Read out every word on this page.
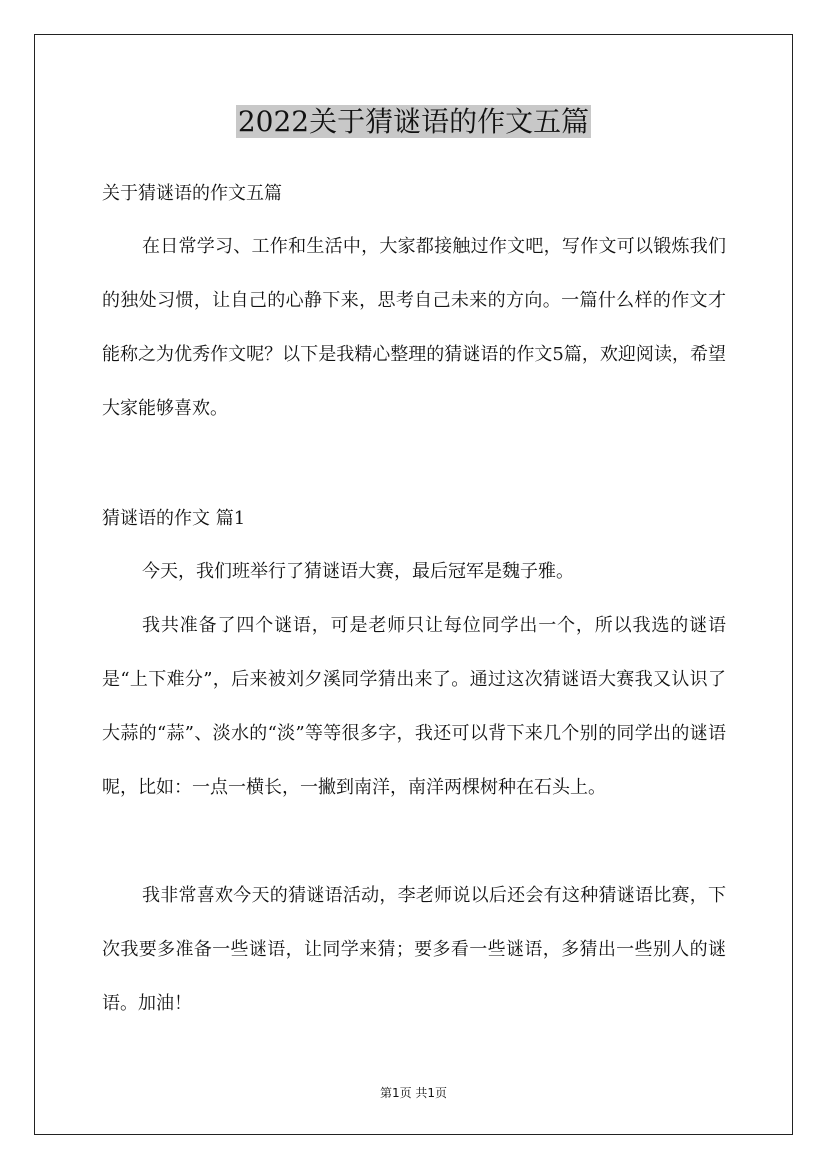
2022关于猜谜语的作文五篇
关于猜谜语的作文五篇
在日常学习、工作和生活中，大家都接触过作文吧，写作文可以锻炼我们的独处习惯，让自己的心静下来，思考自己未来的方向。一篇什么样的作文才能称之为优秀作文呢？以下是我精心整理的猜谜语的作文5篇，欢迎阅读，希望大家能够喜欢。
猜谜语的作文 篇1
今天，我们班举行了猜谜语大赛，最后冠军是魏子雅。
我共准备了四个谜语，可是老师只让每位同学出一个，所以我选的谜语是“上下难分”，后来被刘夕溪同学猜出来了。通过这次猜谜语大赛我又认识了大蒜的“蒜”、淡水的“淡”等等很多字，我还可以背下来几个别的同学出的谜语呢，比如：一点一横长，一撇到南洋，南洋两棵树种在石头上。
我非常喜欢今天的猜谜语活动，李老师说以后还会有这种猜谜语比赛，下次我要多准备一些谜语，让同学来猜；要多看一些谜语，多猜出一些别人的谜语。加油！
第1页 共1页
